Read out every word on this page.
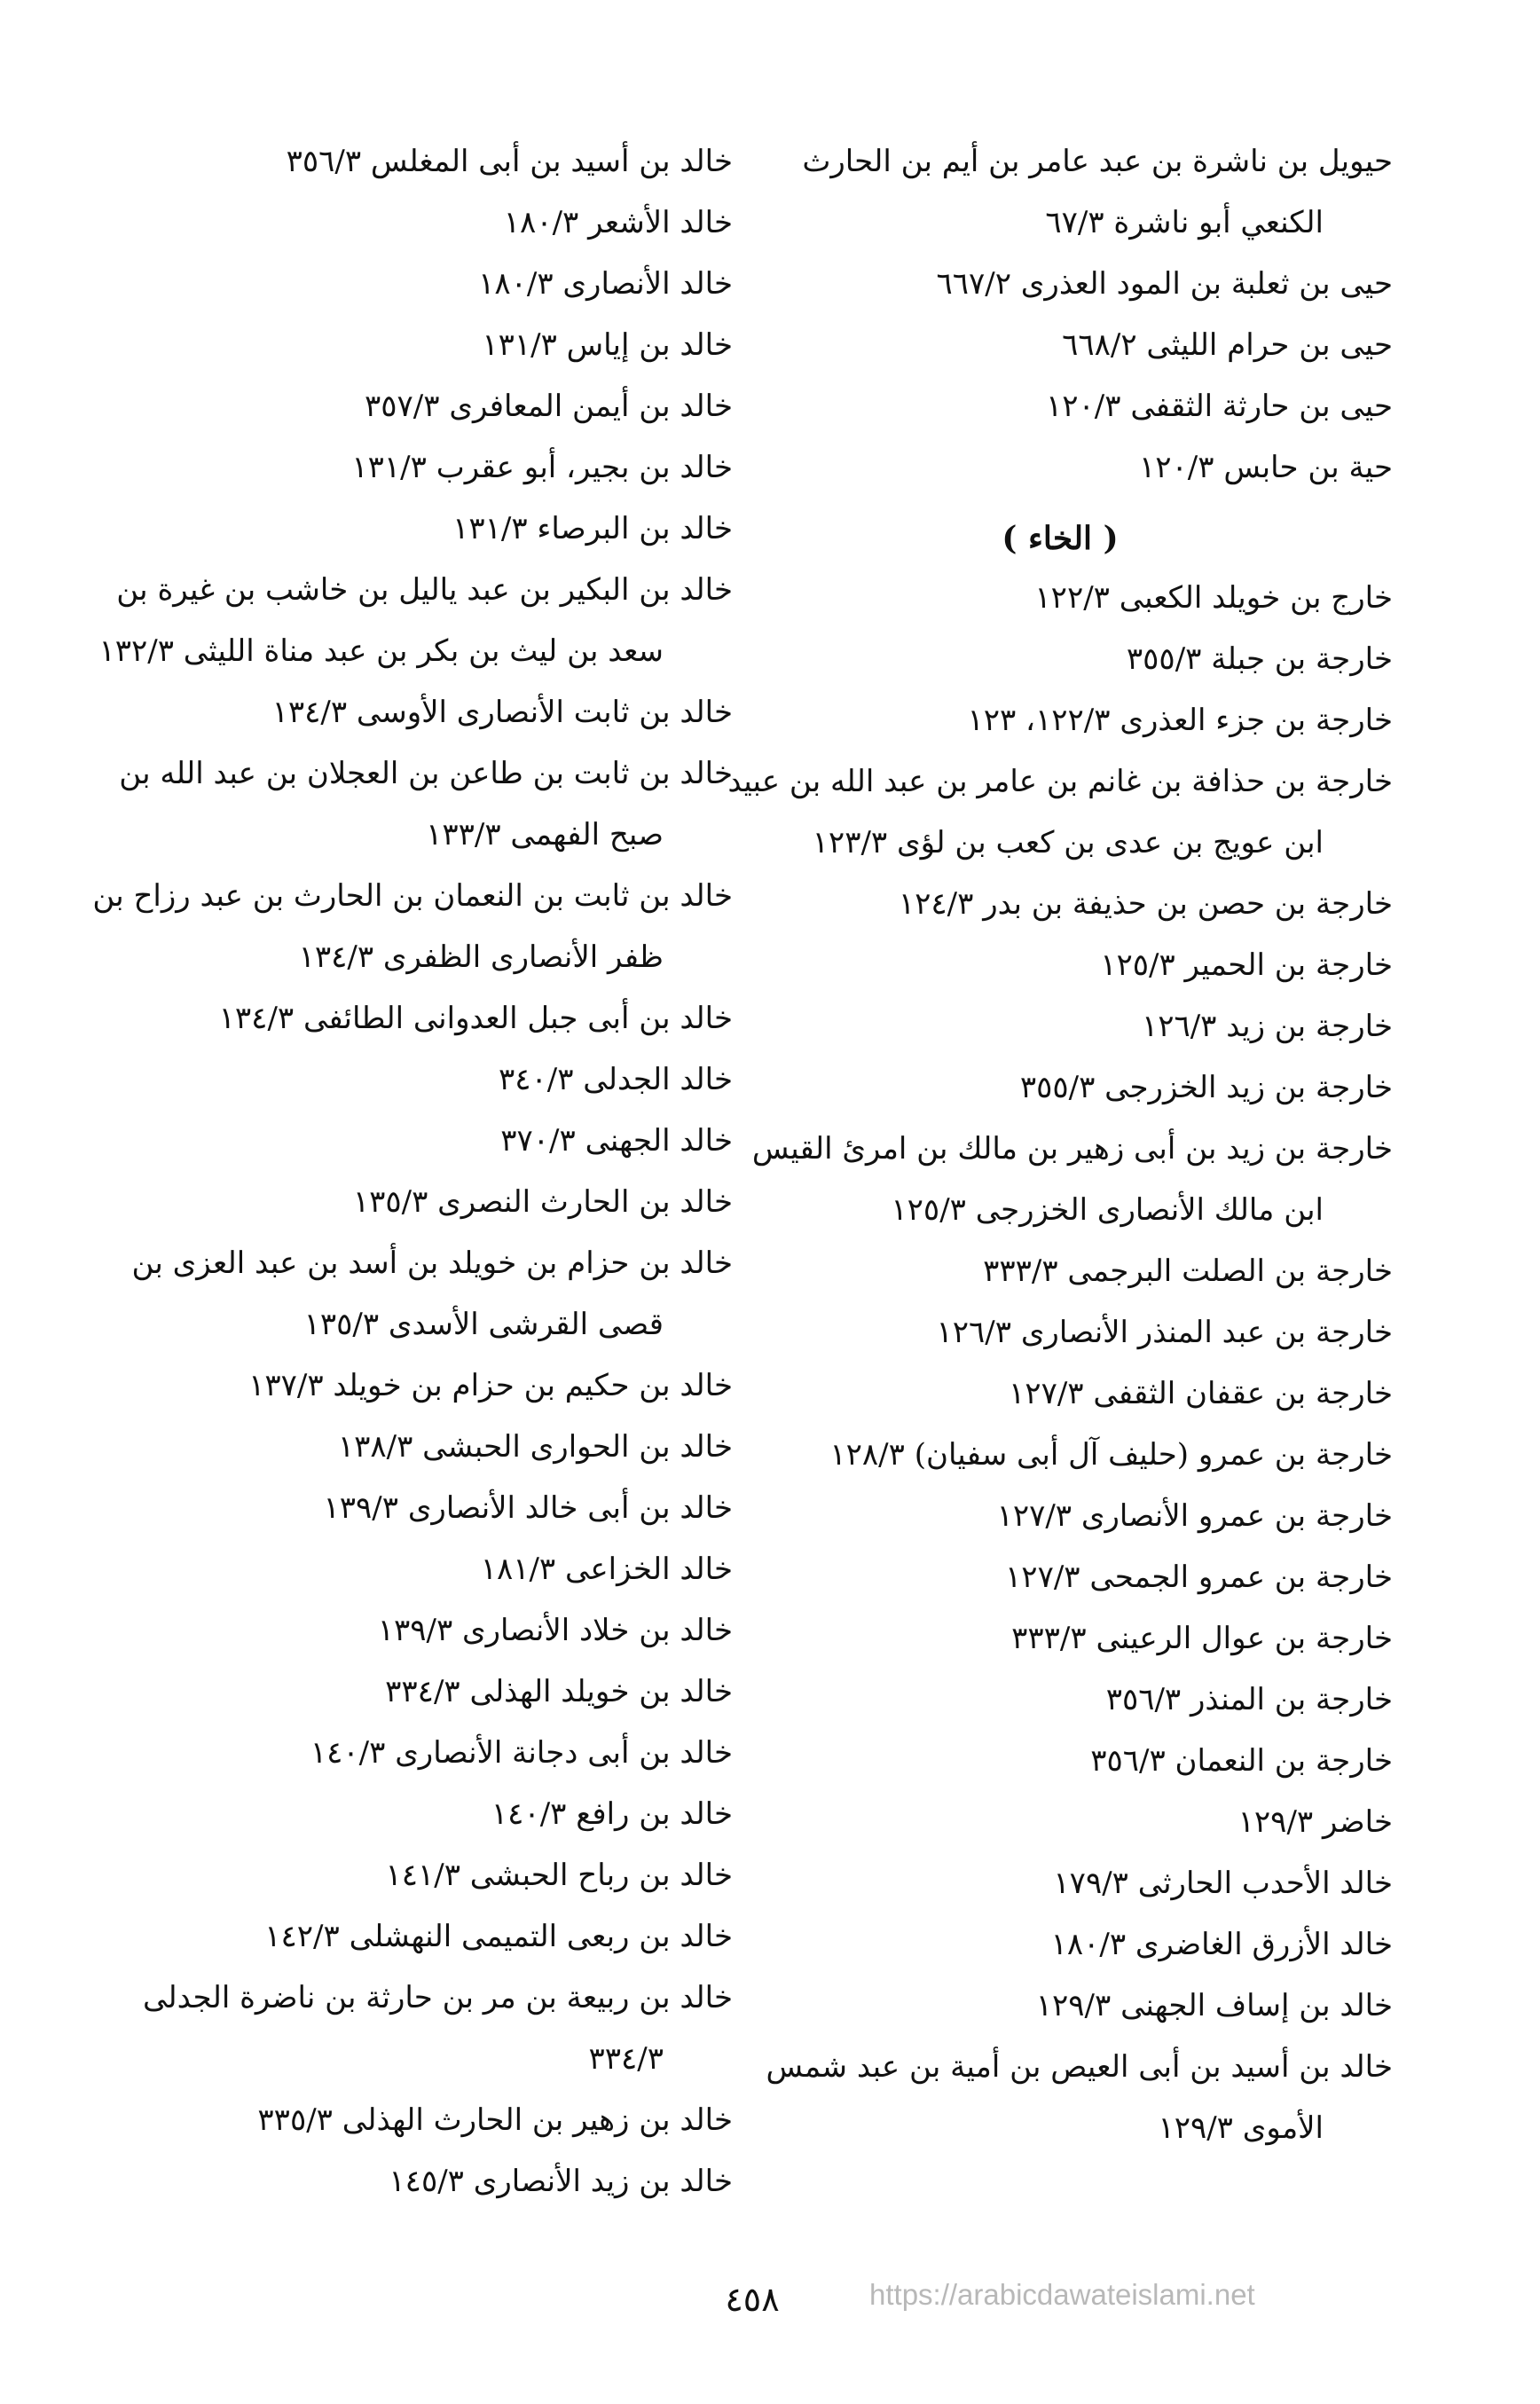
حيويل بن ناشرة بن عبد عامر بن أيم بن الحارث
الكنعي أبو ناشرة ٦٧/٣
حيى بن ثعلبة بن المود العذرى ٦٦٧/٢
حيى بن حرام الليثى ٦٦٨/٢
حيى بن حارثة الثقفى ١٢٠/٣
حية بن حابس ١٢٠/٣
( الخاء )
خارج بن خويلد الكعبى ١٢٢/٣
خارجة بن جبلة ٣٥٥/٣
خارجة بن جزء العذرى ١٢٢/٣، ١٢٣
خارجة بن حذافة بن غانم بن عامر بن عبد الله بن عبيد
ابن عويج بن عدى بن كعب بن لؤى ١٢٣/٣
خارجة بن حصن بن حذيفة بن بدر ١٢٤/٣
خارجة بن الحمير ١٢٥/٣
خارجة بن زيد ١٢٦/٣
خارجة بن زيد الخزرجى ٣٥٥/٣
خارجة بن زيد بن أبى زهير بن مالك بن امرئ القيس
ابن مالك الأنصارى الخزرجى ١٢٥/٣
خارجة بن الصلت البرجمى ٣٣٣/٣
خارجة بن عبد المنذر الأنصارى ١٢٦/٣
خارجة بن عقفان الثقفى ١٢٧/٣
خارجة بن عمرو (حليف آل أبى سفيان) ١٢٨/٣
خارجة بن عمرو الأنصارى ١٢٧/٣
خارجة بن عمرو الجمحى ١٢٧/٣
خارجة بن عوال الرعينى ٣٣٣/٣
خارجة بن المنذر ٣٥٦/٣
خارجة بن النعمان ٣٥٦/٣
خاضر ١٢٩/٣
خالد الأحدب الحارثى ١٧٩/٣
خالد الأزرق الغاضرى ١٨٠/٣
خالد بن إساف الجهنى ١٢٩/٣
خالد بن أسيد بن أبى العيص بن أمية بن عبد شمس
الأموى ١٢٩/٣
خالد بن أسيد بن أبى المغلس ٣٥٦/٣
خالد الأشعر ١٨٠/٣
خالد الأنصارى ١٨٠/٣
خالد بن إياس ١٣١/٣
خالد بن أيمن المعافرى ٣٥٧/٣
خالد بن بجير، أبو عقرب ١٣١/٣
خالد بن البرصاء ١٣١/٣
خالد بن البكير بن عبد ياليل بن خاشب بن غيرة بن
سعد بن ليث بن بكر بن عبد مناة الليثى ١٣٢/٣
خالد بن ثابت الأنصارى الأوسى ١٣٤/٣
خالد بن ثابت بن طاعن بن العجلان بن عبد الله بن
صبح الفهمى ١٣٣/٣
خالد بن ثابت بن النعمان بن الحارث بن عبد رزاح بن
ظفر الأنصارى الظفرى ١٣٤/٣
خالد بن أبى جبل العدوانى الطائفى ١٣٤/٣
خالد الجدلى ٣٤٠/٣
خالد الجهنى ٣٧٠/٣
خالد بن الحارث النصرى ١٣٥/٣
خالد بن حزام بن خويلد بن أسد بن عبد العزى بن
قصى القرشى الأسدى ١٣٥/٣
خالد بن حكيم بن حزام بن خويلد ١٣٧/٣
خالد بن الحوارى الحبشى ١٣٨/٣
خالد بن أبى خالد الأنصارى ١٣٩/٣
خالد الخزاعى ١٨١/٣
خالد بن خلاد الأنصارى ١٣٩/٣
خالد بن خويلد الهذلى ٣٣٤/٣
خالد بن أبى دجانة الأنصارى ١٤٠/٣
خالد بن رافع ١٤٠/٣
خالد بن رباح الحبشى ١٤١/٣
خالد بن ربعى التميمى النهشلى ١٤٢/٣
خالد بن ربيعة بن مر بن حارثة بن ناضرة الجدلى
٣٣٤/٣
خالد بن زهير بن الحارث الهذلى ٣٣٥/٣
خالد بن زيد الأنصارى ١٤٥/٣
٤٥٨	https://arabicdawateislami.net
